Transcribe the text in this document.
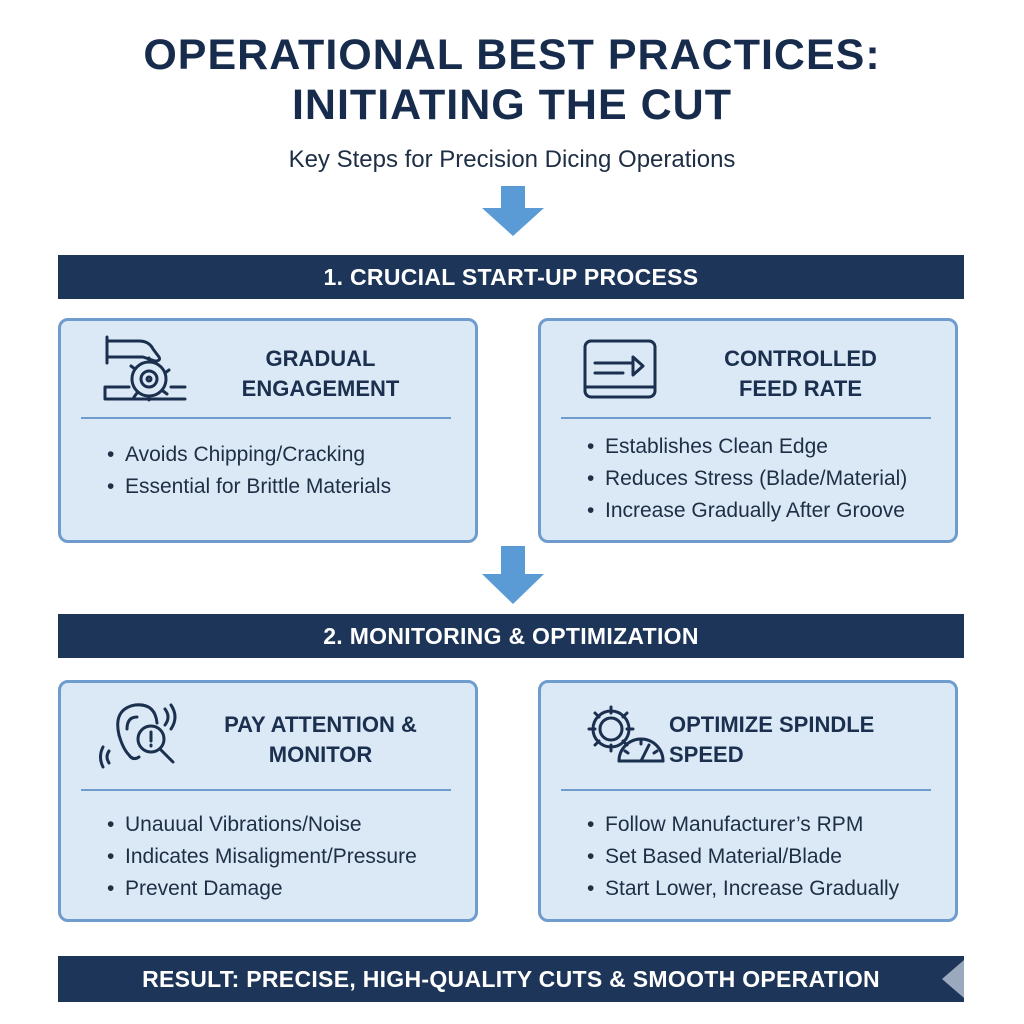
OPERATIONAL BEST PRACTICES:
INITIATING THE CUT
Key Steps for Precision Dicing Operations
1. CRUCIAL START-UP PROCESS
GRADUAL
ENGAGEMENT
• Avoids Chipping/Cracking
• Essential for Brittle Materials
CONTROLLED
FEED RATE
• Establishes Clean Edge
• Reduces Stress (Blade/Material)
• Increase Gradually After Groove
2. MONITORING & OPTIMIZATION
PAY ATTENTION &
MONITOR
• Unauual Vibrations/Noise
• Indicates Misaligment/Pressure
• Prevent Damage
OPTIMIZE SPINDLE
SPEED
• Follow Manufacturer’s RPM
• Set Based Material/Blade
• Start Lower, Increase Gradually
RESULT: PRECISE, HIGH-QUALITY CUTS & SMOOTH OPERATION
